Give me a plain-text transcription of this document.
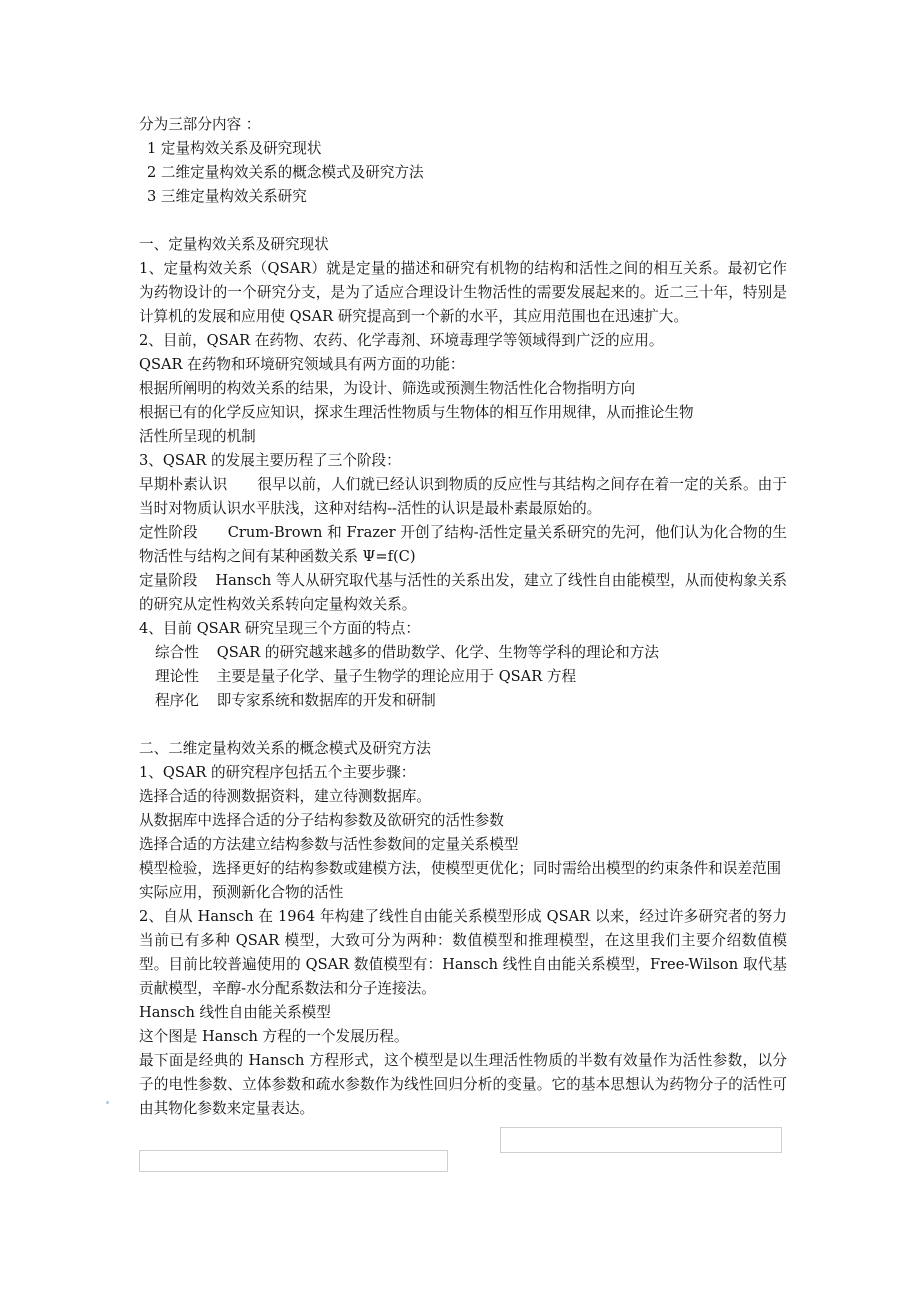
分为三部分内容 ：

1 定量构效关系及研究现状

2 二维定量构效关系的概念模式及研究方法

3 三维定量构效关系研究

一、定量构效关系及研究现状

1、定量构效关系（QSAR）就是定量的描述和研究有机物的结构和活性之间的相互关系。最初它作为药物设计的一个研究分支，是为了适应合理设计生物活性的需要发展起来的。近二三十年，特别是计算机的发展和应用使 QSAR 研究提高到一个新的水平，其应用范围也在迅速扩大。

2、目前，QSAR 在药物、农药、化学毒剂、环境毒理学等领域得到广泛的应用。

QSAR 在药物和环境研究领域具有两方面的功能：

根据所阐明的构效关系的结果，为设计、筛选或预测生物活性化合物指明方向

根据已有的化学反应知识，探求生理活性物质与生物体的相互作用规律，从而推论生物

活性所呈现的机制

3、QSAR 的发展主要历程了三个阶段：

早期朴素认识 很早以前，人们就已经认识到物质的反应性与其结构之间存在着一定的关系。由于当时对物质认识水平肤浅，这种对结构--活性的认识是最朴素最原始的。

定性阶段 Crum-Brown 和 Frazer 开创了结构-活性定量关系研究的先河，他们认为化合物的生物活性与结构之间有某种函数关系 Ψ=f(C)

定量阶段 Hansch 等人从研究取代基与活性的关系出发，建立了线性自由能模型，从而使构象关系的研究从定性构效关系转向定量构效关系。

4、目前 QSAR 研究呈现三个方面的特点：

综合性 QSAR 的研究越来越多的借助数学、化学、生物等学科的理论和方法

理论性 主要是量子化学、量子生物学的理论应用于 QSAR 方程

程序化 即专家系统和数据库的开发和研制

二、二维定量构效关系的概念模式及研究方法

1、QSAR 的研究程序包括五个主要步骤：

选择合适的待测数据资料，建立待测数据库。

从数据库中选择合适的分子结构参数及欲研究的活性参数

选择合适的方法建立结构参数与活性参数间的定量关系模型

模型检验，选择更好的结构参数或建模方法，使模型更优化；同时需给出模型的约束条件和误差范围

实际应用，预测新化合物的活性

2、自从 Hansch 在 1964 年构建了线性自由能关系模型形成 QSAR 以来，经过许多研究者的努力当前已有多种 QSAR 模型，大致可分为两种：数值模型和推理模型，在这里我们主要介绍数值模型。目前比较普遍使用的 QSAR 数值模型有：Hansch 线性自由能关系模型，Free-Wilson 取代基贡献模型，辛醇-水分配系数法和分子连接法。

Hansch 线性自由能关系模型

这个图是 Hansch 方程的一个发展历程。

最下面是经典的 Hansch 方程形式，这个模型是以生理活性物质的半数有效量作为活性参数，以分子的电性参数、立体参数和疏水参数作为线性回归分析的变量。它的基本思想认为药物分子的活性可由其物化参数来定量表达。
